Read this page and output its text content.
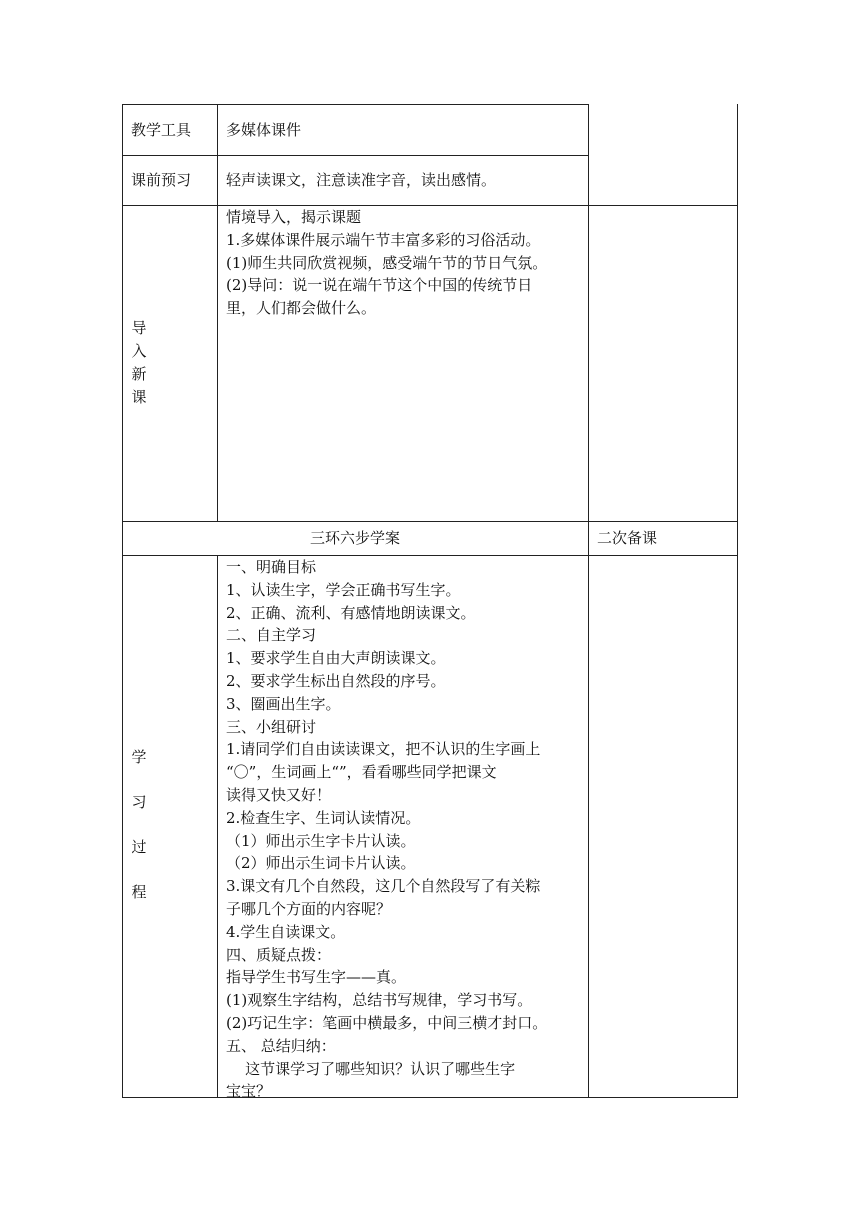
教学工具 多媒体课件
课前预习 轻声读课文，注意读准字音，读出感情。
导
入
新
课
情境导入，揭示课题
1.多媒体课件展示端午节丰富多彩的习俗活动。
(1)师生共同欣赏视频，感受端午节的节日气氛。
(2)导问：说一说在端午节这个中国的传统节日
里，人们都会做什么。
三环六步学案	二次备课
学
习
过
程
一、明确目标
1、认读生字，学会正确书写生字。
2、正确、流利、有感情地朗读课文。
二、自主学习
1、要求学生自由大声朗读课文。
2、要求学生标出自然段的序号。
3、圈画出生字。
三、小组研讨
1.请同学们自由读读课文，把不认识的生字画上
“〇”，生词画上“”，看看哪些同学把课文
读得又快又好！
2.检查生字、生词认读情况。
（1）师出示生字卡片认读。
（2）师出示生词卡片认读。
3.课文有几个自然段，这几个自然段写了有关粽
子哪几个方面的内容呢？
4.学生自读课文。
四、质疑点拨：
指导学生书写生字——真。
(1)观察生字结构，总结书写规律，学习书写。
(2)巧记生字：笔画中横最多，中间三横才封口。
五、 总结归纳：
这节课学习了哪些知识？认识了哪些生字
宝宝？
